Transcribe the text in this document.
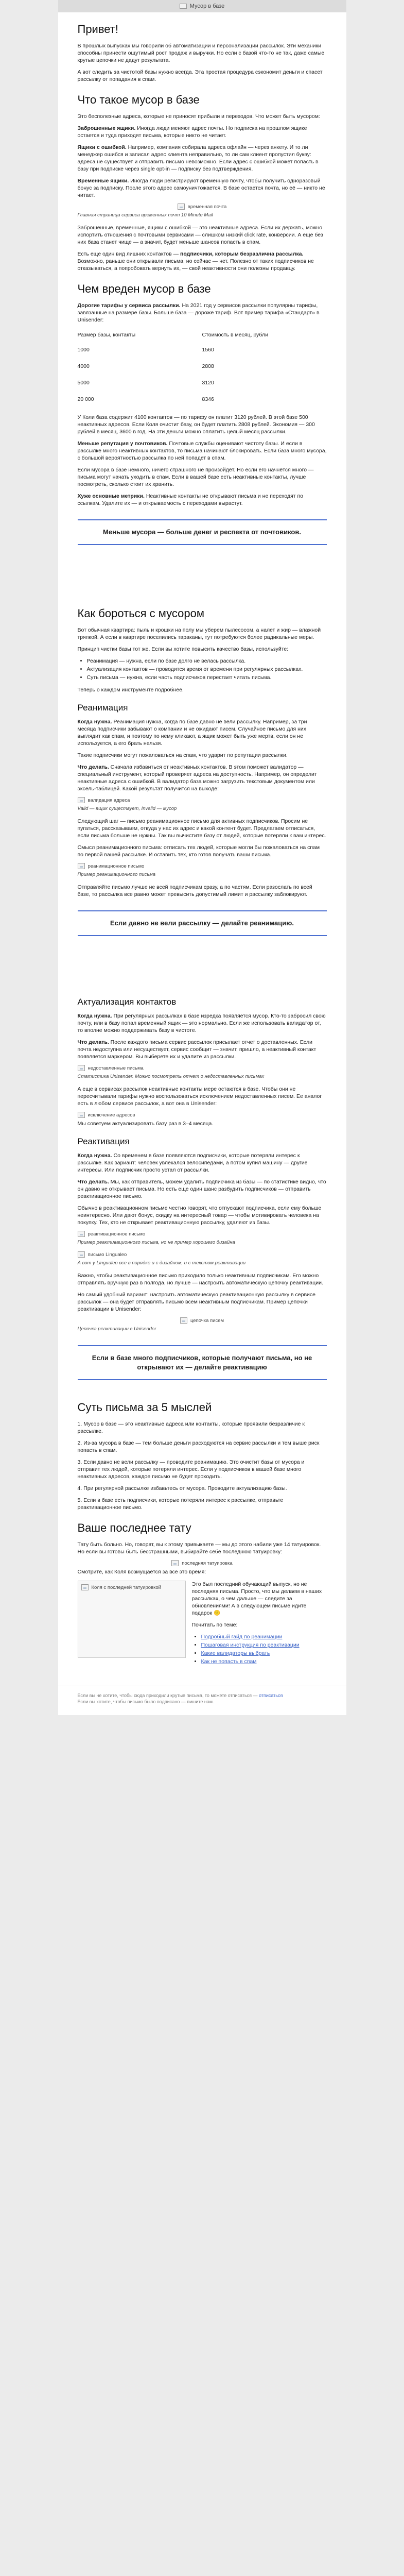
Мусор в базе
Привет!

В прошлых выпусках мы говорили об автоматизации и персонализации рассылок. Эти механики способны принести ощутимый рост продаж и выручки. Но если с базой что-то не так, даже самые крутые цепочки не дадут результата.

А вот следить за чистотой базы нужно всегда. Эта простая процедура сэкономит деньги и спасет рассылку от попадания в спам.

Что такое мусор в базе

Это бесполезные адреса, которые не приносят прибыли и переходов. Что может быть мусором:

Заброшенные ящики. Иногда люди меняют адрес почты. Но подписка на прошлом ящике остается и туда приходят письма, которые никто не читает.

Ящики с ошибкой. Например, компания собирала адреса офлайн — через анкету. И то ли менеджер ошибся и записал адрес клиента неправильно, то ли сам клиент пропустил букву: адреса не существует и отправить письмо невозможно. Если адрес с ошибкой может попасть в базу при подписке через single opt-in — подписку без подтверждения.

Временные ящики. Иногда люди регистрируют временную почту, чтобы получить одноразовый бонус за подписку. После этого адрес самоуничтожается. В базе остается почта, но её — никто не читает.

временная почта

Главная страница сервиса временных почт 10 Minute Mail

Заброшенные, временные, ящики с ошибкой — это неактивные адреса. Если их держать, можно испортить отношения с почтовыми сервисами — слишком низкий click rate, конверсии. А еще без них база станет чище — а значит, будет меньше шансов попасть в спам.

Есть еще один вид лишних контактов — подписчики, которым безразлична рассылка. Возможно, раньше они открывали письма, но сейчас — нет. Полезно от таких подписчиков не отказываться, а попробовать вернуть их, — свой неактивности они полезны продавцу.

Чем вреден мусор в базе

Дорогие тарифы у сервиса рассылки. На 2021 год у сервисов рассылки популярны тарифы, завязанные на размере базы. Больше база — дороже тариф. Вот пример тарифа «Стандарт» в Unisender:

Размер базы, контакты	Стоимость в месяц, рубли
1000	1560
4000	2808
5000	3120
20 000	8346

У Коли база содержит 4100 контактов — по тарифу он платит 3120 рублей. В этой базе 500 неактивных адресов. Если Коля очистит базу, он будет платить 2808 рублей. Экономия — 300 рублей в месяц, 3600 в год. На эти деньги можно оплатить целый месяц рассылки.

Меньше репутация у почтовиков. Почтовые службы оценивают чистоту базы. И если в рассылке много неактивных контактов, то письма начинают блокировать. Если база много мусора, с большой вероятностью рассылка по ней попадет в спам.

Если мусора в базе немного, ничего страшного не произойдёт. Но если его начнётся много — письма могут начать уходить в спам. Если в вашей базе есть неактивные контакты, лучше посмотреть, сколько стоит их хранить.

Хуже основные метрики. Неактивные контакты не открывают письма и не переходят по ссылкам. Удалите их — и открываемость с переходами вырастут.

Меньше мусора — больше денег и респекта от почтовиков.
Как бороться с мусором

Вот обычная квартира: пыль и крошки на полу мы уберем пылесосом, а налет и жир — влажной тряпкой. А если в квартире поселились тараканы, тут потребуются более радикальные меры.

Принцип чистки базы тот же. Если вы хотите повысить качество базы, используйте:

• Реанимация — нужна, если по базе долго не велась рассылка.
• Актуализация контактов — проводится время от времени при регулярных рассылках.
• Суть письма — нужна, если часть подписчиков перестает читать письма.

Теперь о каждом инструменте подробнее.

Реанимация

Когда нужна. Реанимация нужна, когда по базе давно не вели рассылку. Например, за три месяца подписчики забывают о компании и не ожидают писем. Случайное письмо для них выглядит как спам, и поэтому по нему кликают, а ящик может быть уже мертв, если он не используется, а его брать нельзя.

Такие подписчики могут пожаловаться на спам, что ударит по репутации рассылки.

Что делать. Сначала избавиться от неактивных контактов. В этом поможет валидатор — специальный инструмент, который проверяет адреса на доступность. Например, он определит неактивные адреса с ошибкой. В валидатор база можно загрузить текстовым документом или эксель-таблицей. Какой результат получится на выходе:

валидация адреса

Valid — ящик существует, Invalid — мусор

Следующий шаг — письмо реанимационное письмо для активных подписчиков. Просим не пугаться, рассказываем, откуда у нас их адрес и какой контент будет. Предлагаем отписаться, если письма больше не нужны. Так вы вычистите базу от людей, которые потеряли к вам интерес.

Смысл реанимационного письма: отписать тех людей, которые могли бы пожаловаться на спам по первой вашей рассылке. И оставить тех, кто готов получать ваши письма.

реанимационное письмо

Пример реанимационного письма

Отправляйте письмо лучше не всей подписчикам сразу, а по частям. Если разослать по всей базе, то рассылка все равно может превысить допустимый лимит и рассылку заблокируют.

Если давно не вели рассылку — делайте реанимацию.
Актуализация контактов

Когда нужна. При регулярных рассылках в базе изредка появляется мусор. Кто-то забросил свою почту, или в базу попал временный ящик — это нормально. Если же использовать валидатор от, то вполне можно поддерживать базу в чистоте.

Что делать. После каждого письма сервис рассылок присылает отчет о доставленных. Если почта недоступна или несуществует, сервис сообщит — значит, пришло, а неактивный контакт появляется маркером. Вы выберете их и удалите из рассылки.

недоставленные письма

Статистика Unisender. Можно посмотреть отчет о недоставленных письмах

А еще в сервисах рассылок неактивные контакты мере остаются в базе. Чтобы они не пересчитывали тарифы нужно воспользоваться исключением недоставленных писем. Ее аналог есть в любом сервисе рассылок, а вот она в Unisender:

исключение адресов

Мы советуем актуализировать базу раз в 3–4 месяца.

Реактивация

Когда нужна. Со временем в базе появляются подписчики, которые потеряли интерес к рассылке. Как вариант: человек увлекался велосипедами, а потом купил машину — другие интересы. Или подписчик просто устал от рассылки.

Что делать. Мы, как отправитель, можем удалить подписчика из базы — по статистике видно, что он давно не открывает письма. Но есть еще один шанс разбудить подписчиков — отправить реактивационное письмо.

Обычно в реактивационном письме честно говорят, что отпускают подписчика, если ему больше неинтересно. Или дают бонус, скидку на интересный товар — чтобы мотивировать человека на покупку. Тех, кто не открывает реактивационную рассылку, удаляют из базы.

реактивационное письмо

Пример реактивационного письма, но не пример хорошего дизайна

письмо Lingualeo

А вот у Lingualeo все в порядке и с дизайном, и с текстом реактивации

Важно, чтобы реактивационное письмо приходило только неактивным подписчикам. Его можно отправлять вручную раз в полгода, но лучше — настроить автоматическую цепочку реактивации.

Но самый удобный вариант: настроить автоматическую реактивационную рассылку в сервисе рассылок — она будет отправлять письмо всем неактивным подписчикам. Пример цепочки реактивации в Unisender:

цепочка писем

Цепочка реактивации в Unisender

Если в базе много подписчиков, которые получают письма, но не открывают их — делайте реактивацию
Суть письма за 5 мыслей

1. Мусор в базе — это неактивные адреса или контакты, которые проявили безразличие к рассылке.

2. Из-за мусора в базе — тем больше деньги расходуются на сервис рассылки и тем выше риск попасть в спам.

3. Если давно не вели рассылку — проводите реанимацию. Это очистит базы от мусора и отправит тех людей, которые потеряли интерес. Если у подписчиков в вашей базе много неактивных адресов, каждое письмо не будет проходить.

4. При регулярной рассылке избавьтесь от мусора. Проводите актуализацию базы.

5. Если в базе есть подписчики, которые потеряли интерес к рассылке, отправьте реактивационное письмо.

Ваше последнее тату

Тату быть больно. Но, говорят, вы к этому привыкаете — мы до этого набили уже 14 татуировок. Но если вы готовы быть бесстрашными, выбирайте себе последнюю татуировку:

последняя татуировка

Смотрите, как Коля возмущается за все это время:

Коля с последней татуировкой	Это был последний обучающий выпуск, но не последняя письма. Просто, что мы делаем в наших рассылках, о чем дальше — следите за обновлениями! А в следующем письме идите подарок 🙂

Почитать по теме:

• Подробный гайд по реанимации
• Пошаговая инструкция по реактивации
• Какие валидаторы выбрать
• Как не попасть в спам
Если вы не хотите, чтобы сюда приходили крутые письма, то можете отписаться — отписаться
Если вы хотите, чтобы письмо было подписано — пишите нам.
